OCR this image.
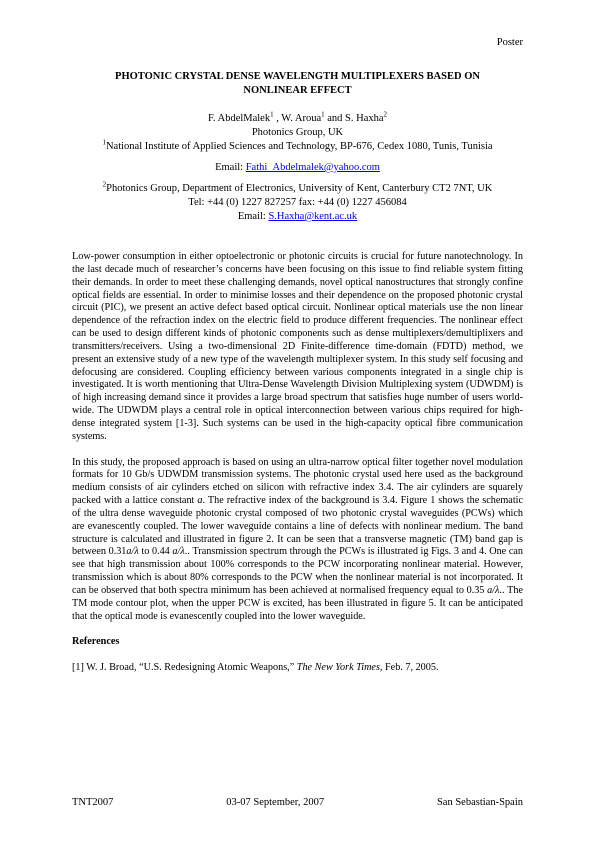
Poster
PHOTONIC CRYSTAL DENSE WAVELENGTH MULTIPLEXERS BASED ON
NONLINEAR EFFECT

F. AbdelMalek$^1$ , W. Aroua$^1$ and S. Haxha$^2$

Photonics Group, UK

$^1$National Institute of Applied Sciences and Technology, BP-676, Cedex 1080, Tunis, Tunisia

Email: Fathi_Abdelmalek@yahoo.com

$^2$Photonics Group, Department of Electronics, University of Kent, Canterbury CT2 7NT, UK

Tel: +44 (0) 1227 827257 fax: +44 (0) 1227 456084

Email: S.Haxha@kent.ac.uk

Low-power consumption in either optoelectronic or photonic circuits is crucial for future nanotechnology. In the last decade much of researcher’s concerns have been focusing on this issue to find reliable system fitting their demands. In order to meet these challenging demands, novel optical nanostructures that strongly confine optical fields are essential. In order to minimise losses and their dependence on the proposed photonic crystal circuit (PIC), we present an active defect based optical circuit. Nonlinear optical materials use the non linear dependence of the refraction index on the electric field to produce different frequencies. The nonlinear effect can be used to design different kinds of photonic components such as dense multiplexers/demultiplixers and transmitters/receivers. Using a two-dimensional 2D Finite-difference time-domain (FDTD) method, we present an extensive study of a new type of the wavelength multiplexer system. In this study self focusing and defocusing are considered. Coupling efficiency between various components integrated in a single chip is investigated. It is worth mentioning that Ultra-Dense Wavelength Division Multiplexing system (UDWDM) is of high increasing demand since it provides a large broad spectrum that satisfies huge number of users world-wide. The UDWDM plays a central role in optical interconnection between various chips required for high-dense integrated system [1-3]. Such systems can be used in the high-capacity optical fibre communication systems.

In this study, the proposed approach is based on using an ultra-narrow optical filter together novel modulation formats for 10 Gb/s UDWDM transmission systems. The photonic crystal used here used as the background medium consists of air cylinders etched on silicon with refractive index 3.4. The air cylinders are squarely packed with a lattice constant a. The refractive index of the background is 3.4. Figure 1 shows the schematic of the ultra dense waveguide photonic crystal composed of two photonic crystal waveguides (PCWs) which are evanescently coupled. The lower waveguide contains a line of defects with nonlinear medium. The band structure is calculated and illustrated in figure 2. It can be seen that a transverse magnetic (TM) band gap is between 0.31a/λ to 0.44 a/λ.. Transmission spectrum through the PCWs is illustrated ig Figs. 3 and 4. One can see that high transmission about 100% corresponds to the PCW incorporating nonlinear material. However, transmission which is about 80% corresponds to the PCW when the nonlinear material is not incorporated. It can be observed that both spectra minimum has been achieved at normalised frequency equal to 0.35 a/λ.. The TM mode contour plot, when the upper PCW is excited, has been illustrated in figure 5. It can be anticipated that the optical mode is evanescently coupled into the lower waveguide.

References

[1] W. J. Broad, “U.S. Redesigning Atomic Weapons,” The New York Times, Feb. 7, 2005.

TNT2007	03-07 September, 2007	San Sebastian-Spain
